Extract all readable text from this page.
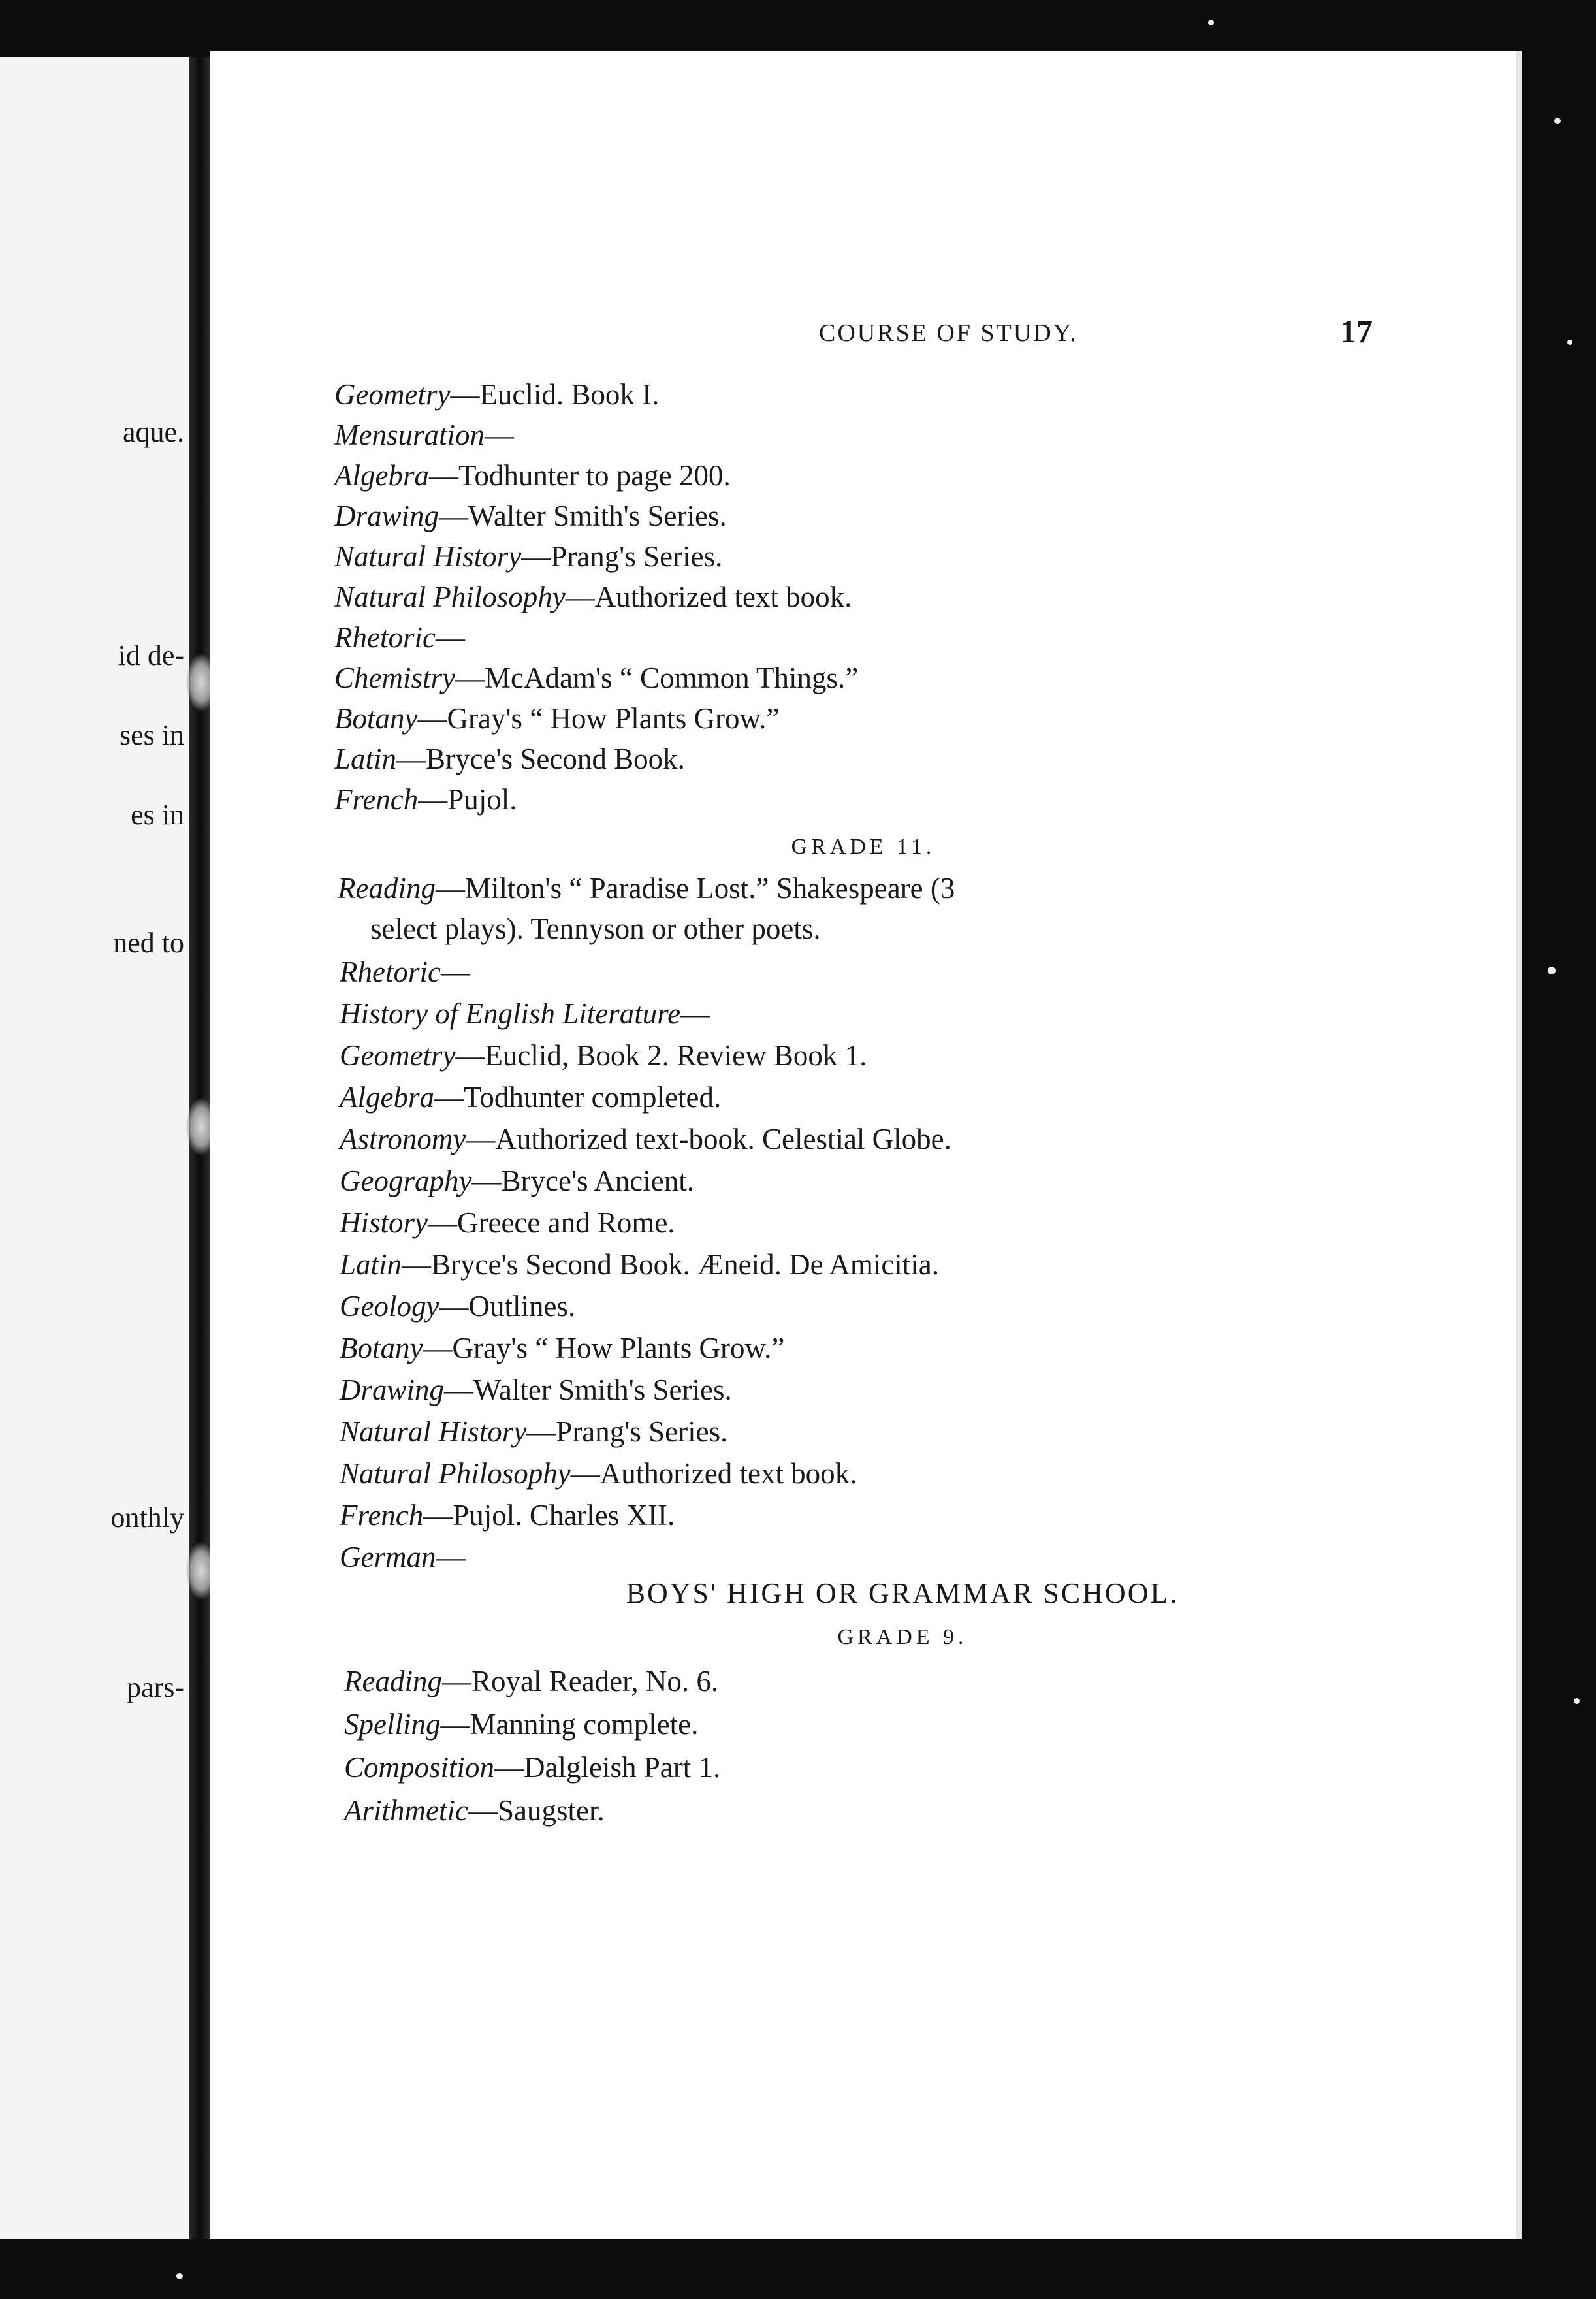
aque.
id de-
ses in
es in
ned to
onthly
pars-
COURSE OF STUDY.	17
Geometry—Euclid. Book I.
Mensuration—
Algebra—Todhunter to page 200.
Drawing—Walter Smith's Series.
Natural History—Prang's Series.
Natural Philosophy—Authorized text book.
Rhetoric—
Chemistry—McAdam's “ Common Things.”
Botany—Gray's “ How Plants Grow.”
Latin—Bryce's Second Book.
French—Pujol.
GRADE 11.
Reading—Milton's “ Paradise Lost.” Shakespeare (3
select plays). Tennyson or other poets.
Rhetoric—
History of English Literature—
Geometry—Euclid, Book 2. Review Book 1.
Algebra—Todhunter completed.
Astronomy—Authorized text-book. Celestial Globe.
Geography—Bryce's Ancient.
History—Greece and Rome.
Latin—Bryce's Second Book. Æneid. De Amicitia.
Geology—Outlines.
Botany—Gray's “ How Plants Grow.”
Drawing—Walter Smith's Series.
Natural History—Prang's Series.
Natural Philosophy—Authorized text book.
French—Pujol. Charles XII.
German—
BOYS' HIGH OR GRAMMAR SCHOOL.
GRADE 9.
Reading—Royal Reader, No. 6.
Spelling—Manning complete.
Composition—Dalgleish Part 1.
Arithmetic—Saugster.
